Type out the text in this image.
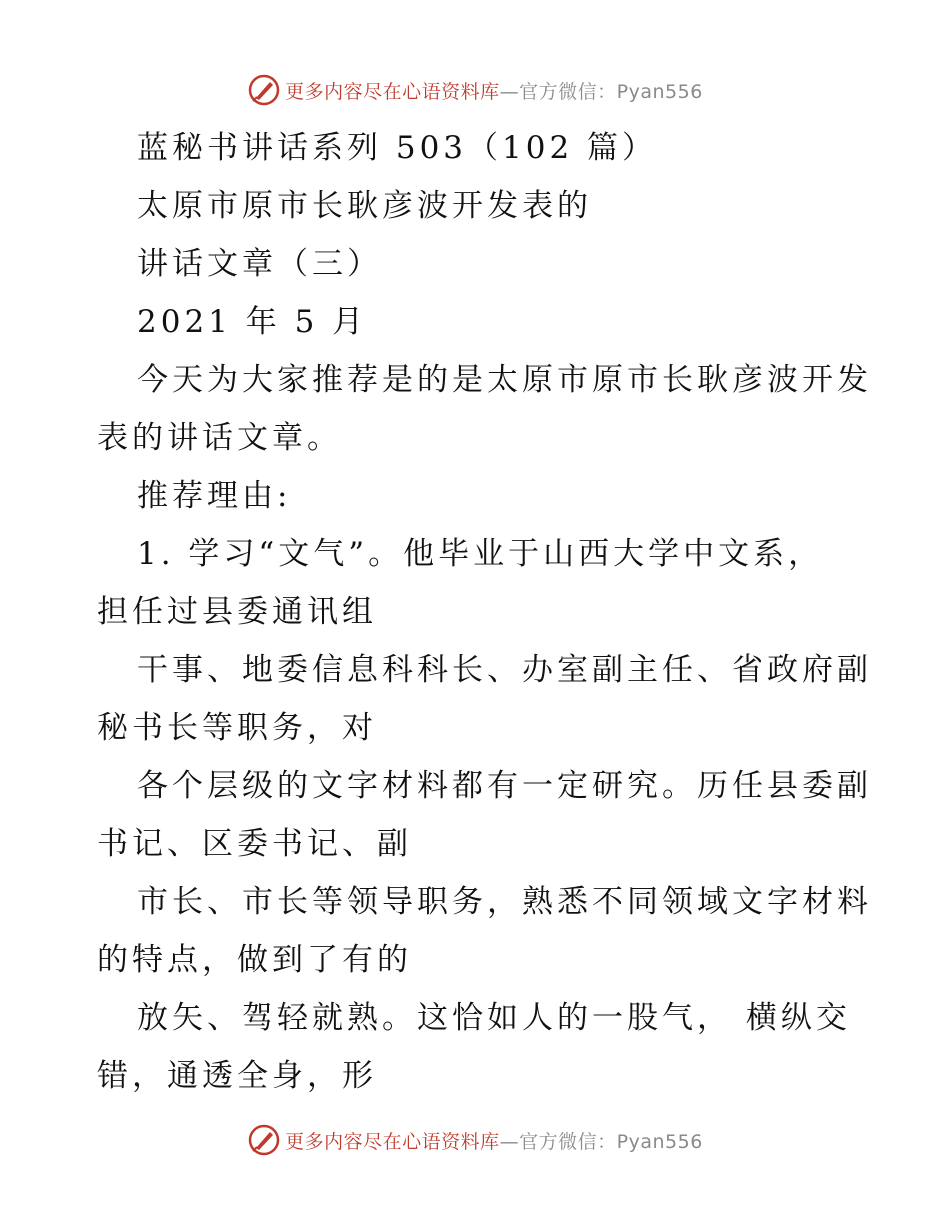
更多内容尽在心语资料库—官方微信：Pyan556
蓝秘书讲话系列 503（102 篇）
太原市原市长耿彦波开发表的
讲话文章（三）
2021 年 5 月
今天为大家推荐是的是太原市原市长耿彦波开发
表的讲话文章。
推荐理由:
1. 学习“文气”。他毕业于山西大学中文系，
担任过县委通讯组
干事、地委信息科科长、办室副主任、省政府副
秘书长等职务，对
各个层级的文字材料都有一定研究。历任县委副
书记、区委书记、副
市长、市长等领导职务，熟悉不同领域文字材料
的特点，做到了有的
放矢、驾轻就熟。这恰如人的一股气， 横纵交
错，通透全身，形
更多内容尽在心语资料库—官方微信：Pyan556
